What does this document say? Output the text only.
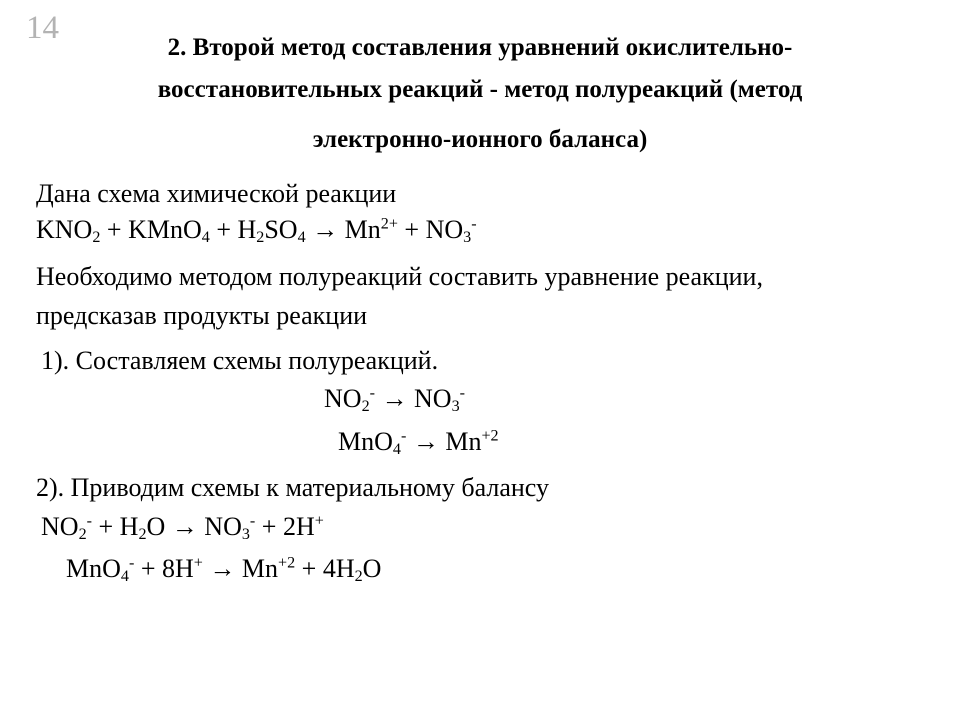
14
2. Второй метод составления уравнений окислительно-
восстановительных реакций - метод полуреакций (метод
электронно-ионного баланса)
Дана схема химической реакции
$KNO_2$ + KMnO$_4$ + $H_2SO_4 \to Mn^{2+} + NO_3^-$
Необходимо методом полуреакций составить уравнение реакции,
предсказав продукты реакции
1). Составляем схемы полуреакций.
$NO_2^- \to NO_3^-$
$MnO_4^- \to Mn^{+2}$
2). Приводим схемы к материальному балансу
$NO_2^- + H_2O \to NO_3^- + 2H^+$
$MnO_4^- + 8H^+ \to Mn^{+2} + 4H_2O$
